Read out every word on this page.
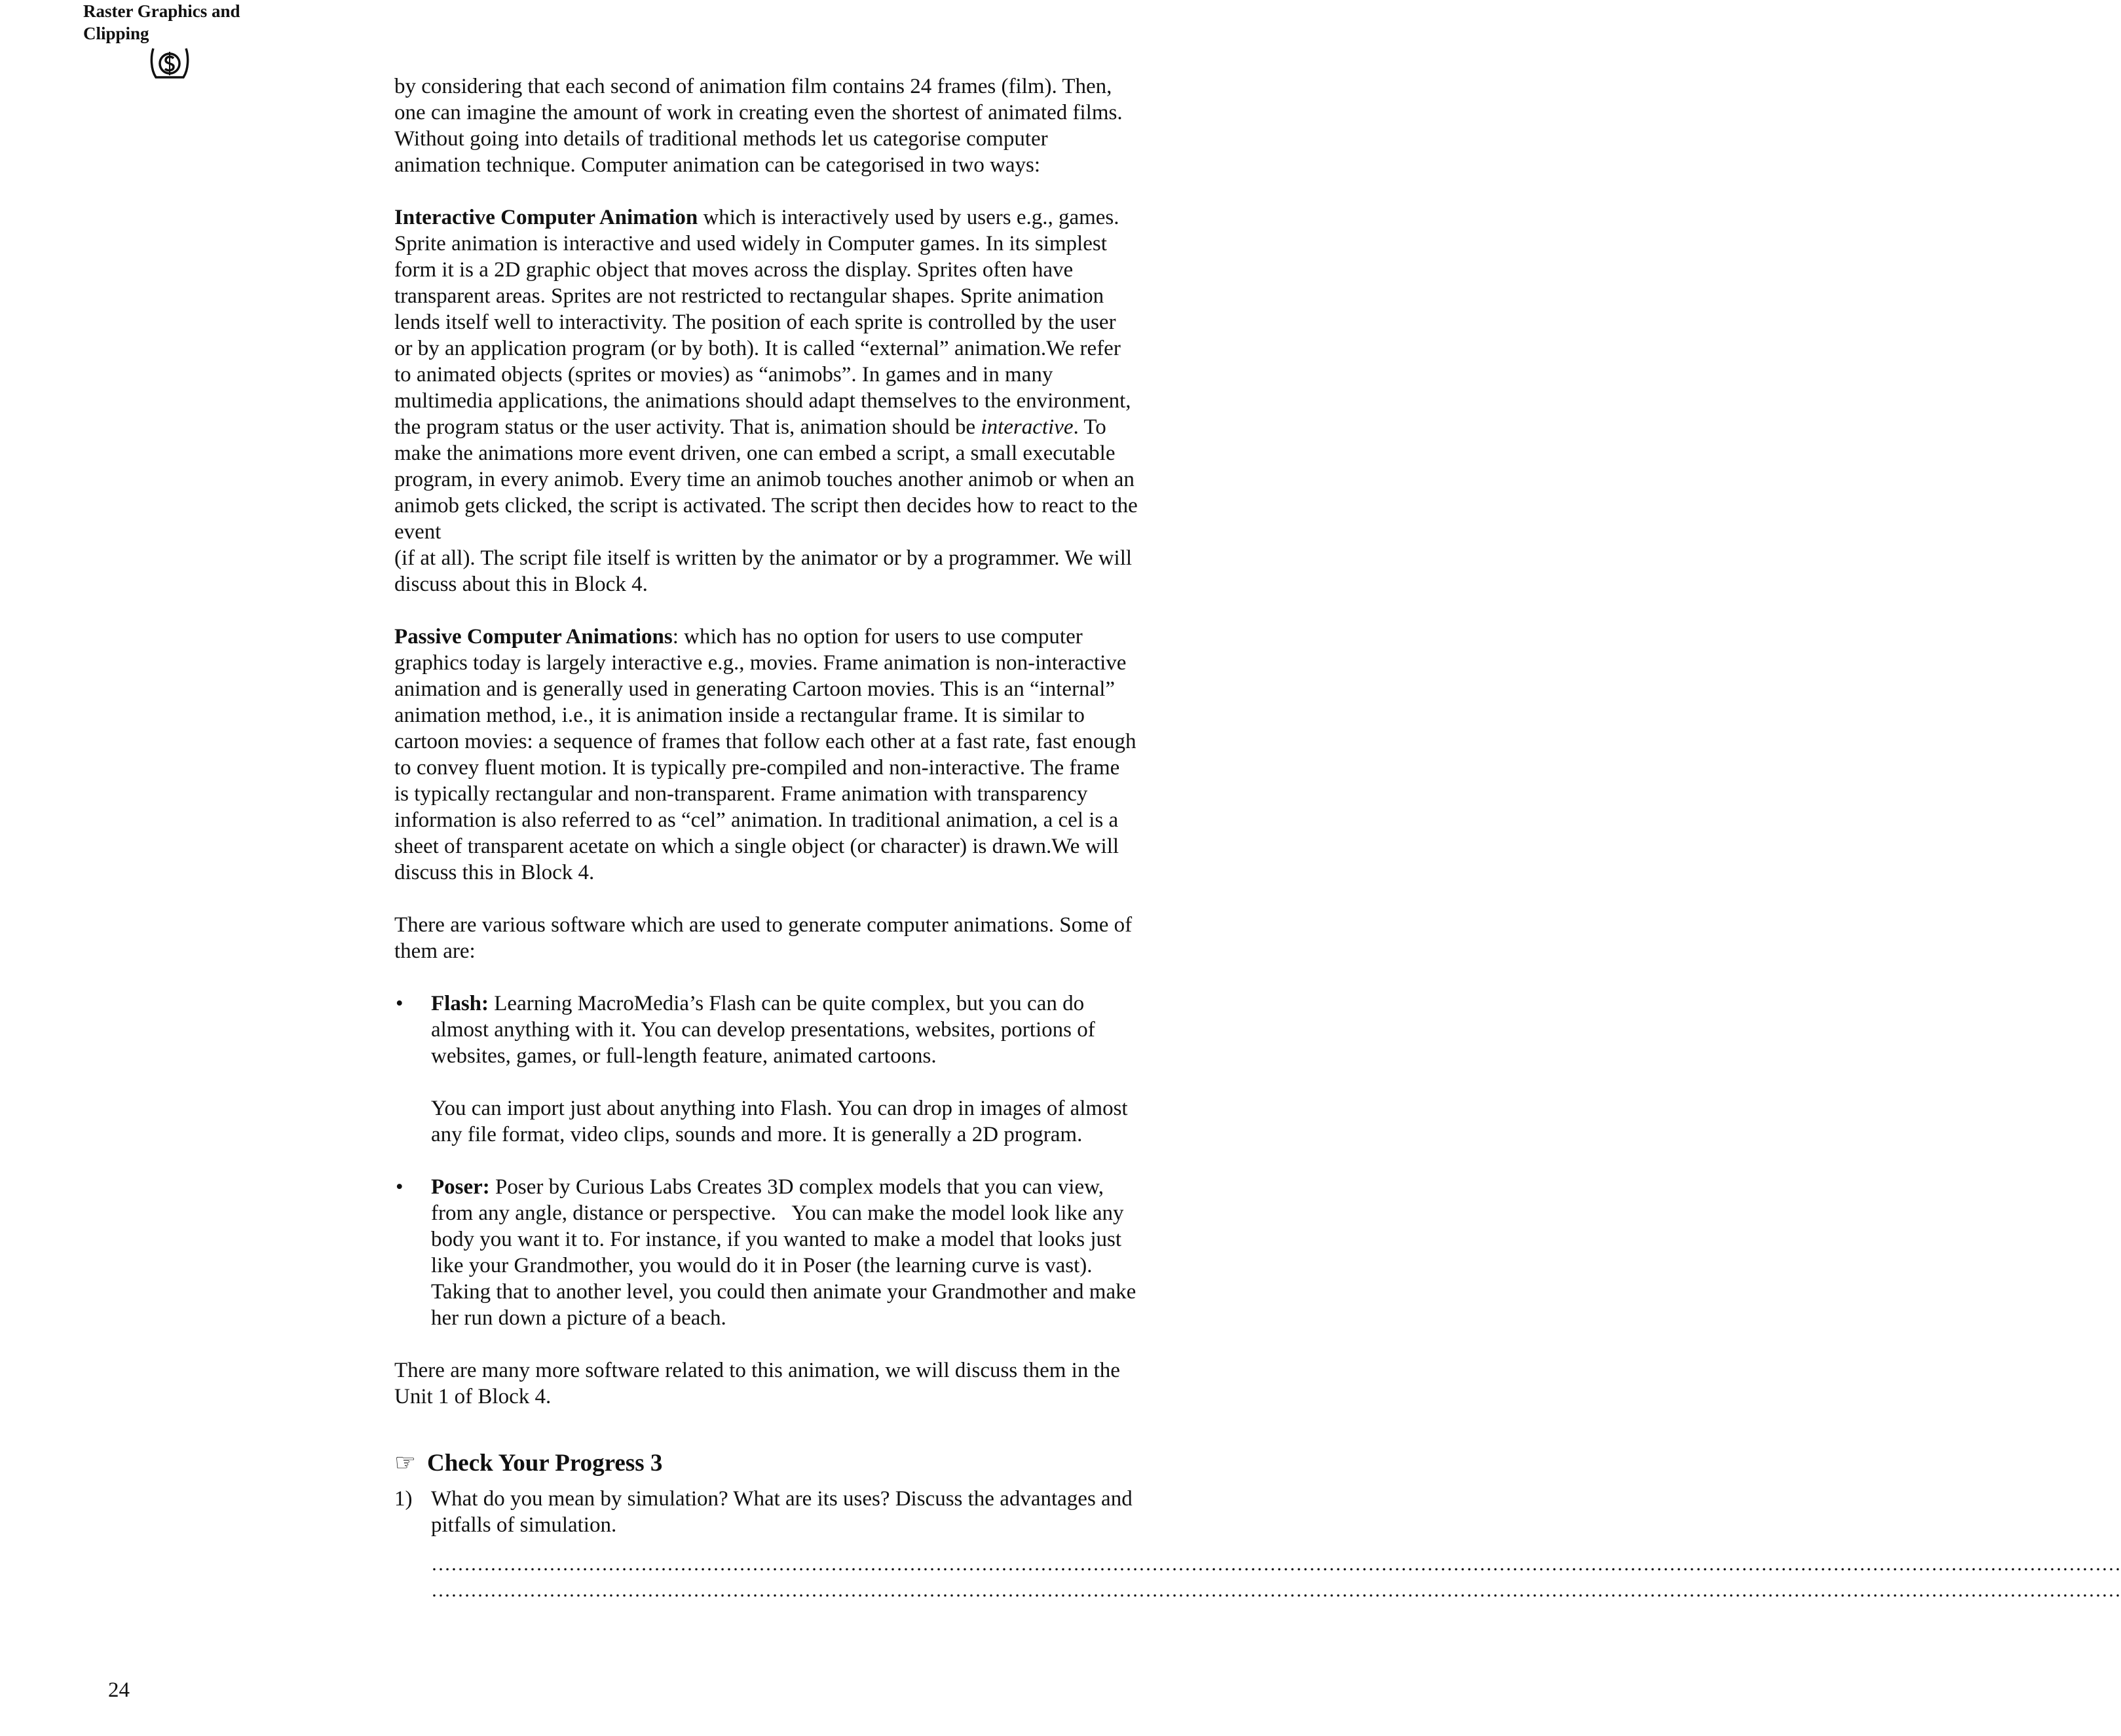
Raster Graphics and
Clipping
by considering that each second of animation film contains 24 frames (film). Then,
one can imagine the amount of work in creating even the shortest of animated films.
Without going into details of traditional methods let us categorise computer
animation technique. Computer animation can be categorised in two ways:
Interactive Computer Animation which is interactively used by users e.g., games.
Sprite animation is interactive and used widely in Computer games. In its simplest
form it is a 2D graphic object that moves across the display. Sprites often have
transparent areas. Sprites are not restricted to rectangular shapes. Sprite animation
lends itself well to interactivity. The position of each sprite is controlled by the user
or by an application program (or by both). It is called “external” animation.We refer
to animated objects (sprites or movies) as “animobs”. In games and in many
multimedia applications, the animations should adapt themselves to the environment,
the program status or the user activity. That is, animation should be interactive. To
make the animations more event driven, one can embed a script, a small executable
program, in every animob. Every time an animob touches another animob or when an
animob gets clicked, the script is activated. The script then decides how to react to the
event
(if at all). The script file itself is written by the animator or by a programmer. We will
discuss about this in Block 4.
Passive Computer Animations: which has no option for users to use computer
graphics today is largely interactive e.g., movies. Frame animation is non-interactive
animation and is generally used in generating Cartoon movies. This is an “internal”
animation method, i.e., it is animation inside a rectangular frame. It is similar to
cartoon movies: a sequence of frames that follow each other at a fast rate, fast enough
to convey fluent motion. It is typically pre-compiled and non-interactive. The frame
is typically rectangular and non-transparent. Frame animation with transparency
information is also referred to as “cel” animation. In traditional animation, a cel is a
sheet of transparent acetate on which a single object (or character) is drawn.We will
discuss this in Block 4.
There are various software which are used to generate computer animations. Some of
them are:
• Flash: Learning MacroMedia’s Flash can be quite complex, but you can do
almost anything with it. You can develop presentations, websites, portions of
websites, games, or full-length feature, animated cartoons.
You can import just about anything into Flash. You can drop in images of almost
any file format, video clips, sounds and more. It is generally a 2D program.
• Poser: Poser by Curious Labs Creates 3D complex models that you can view,
from any angle, distance or perspective.   You can make the model look like any
body you want it to. For instance, if you wanted to make a model that looks just
like your Grandmother, you would do it in Poser (the learning curve is vast).
Taking that to another level, you could then animate your Grandmother and make
her run down a picture of a beach.
There are many more software related to this animation, we will discuss them in the
Unit 1 of Block 4.
☞ Check Your Progress 3
1) What do you mean by simulation? What are its uses? Discuss the advantages and
pitfalls of simulation.
……………………………………………………………………………………………………………………………………………………………………………………………………………………………………
……………………………………………………………………………………………………………………………………………………………………………………………………………………………………
24
